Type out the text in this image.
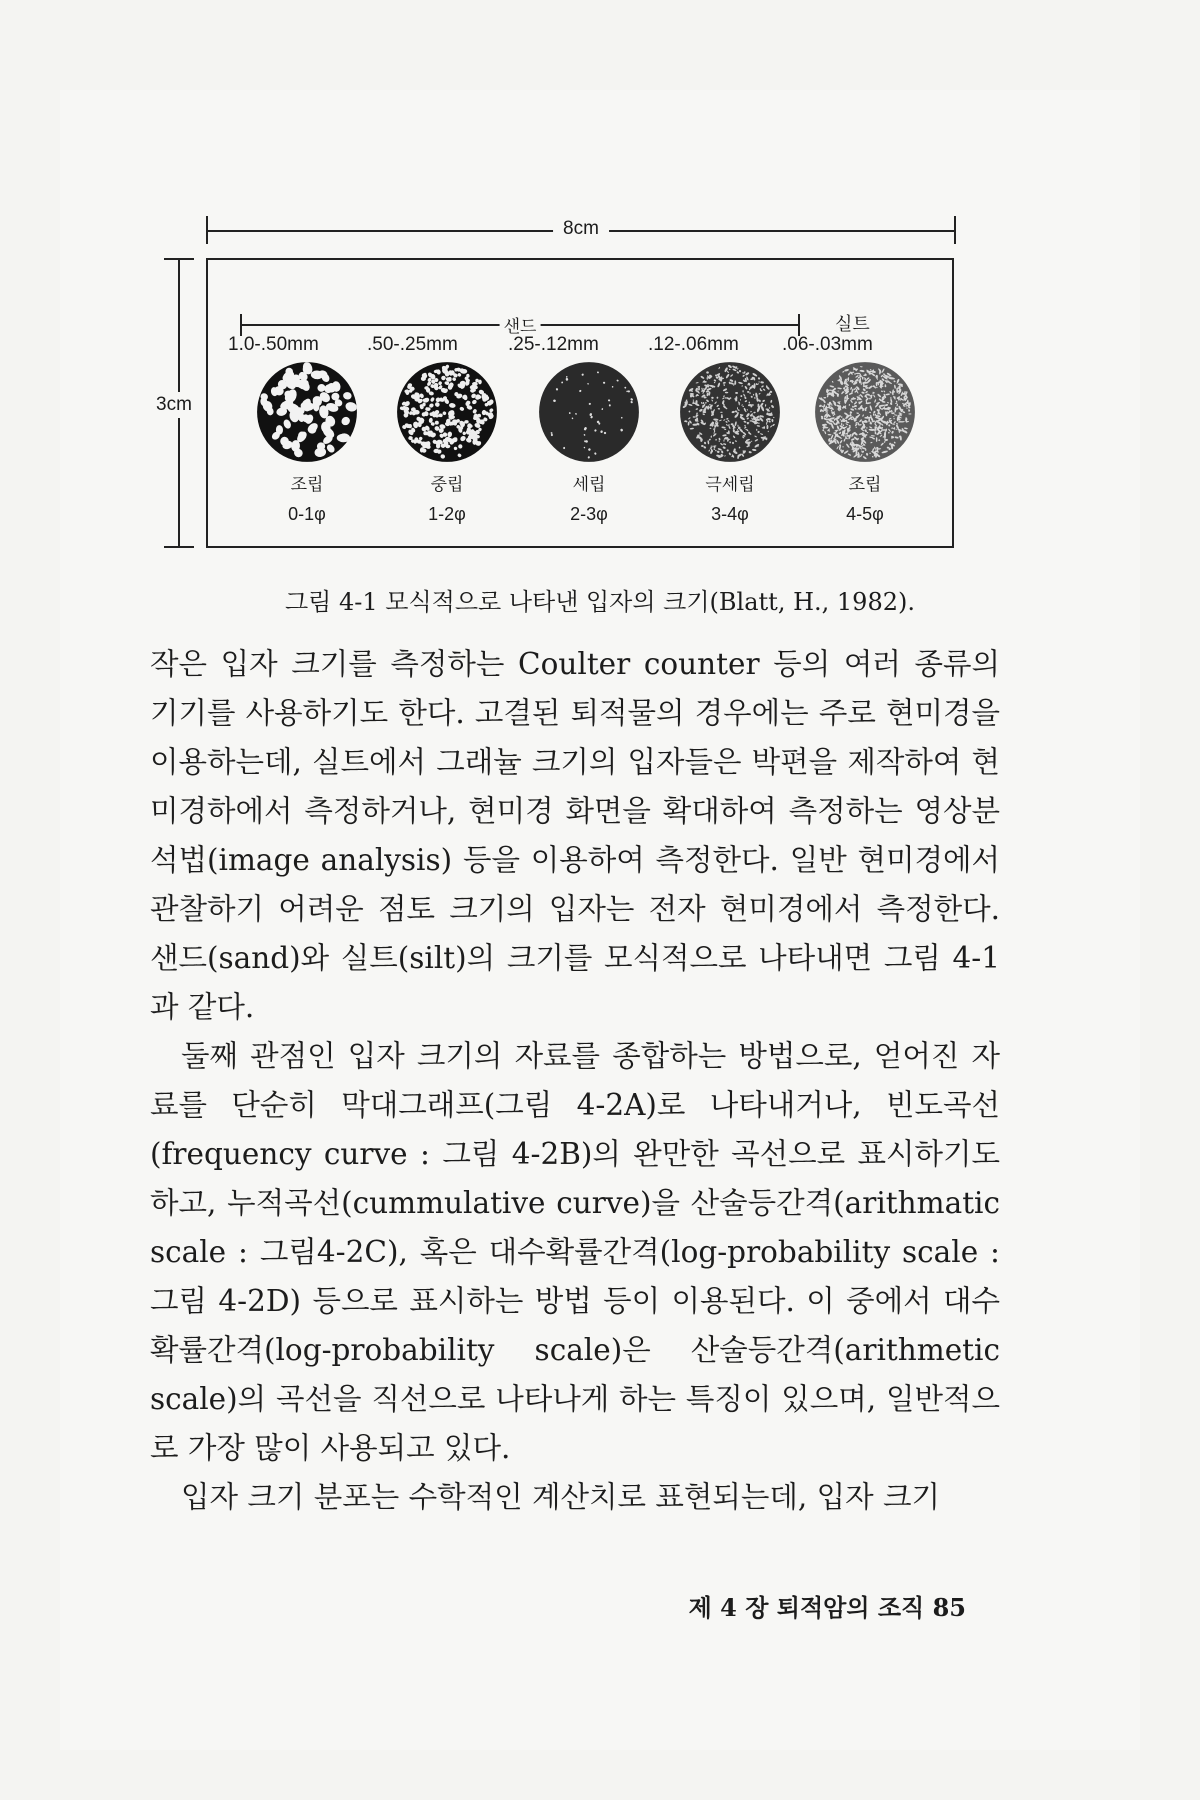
8cm
3cm
샌드	실트
1.0-.50mm	.50-.25mm	.25-.12mm	.12-.06mm .06-.03mm
조립	중립	세립	극세립	조립
0-1φ	1-2φ	2-3φ	3-4φ	4-5φ
그림 4-1 모식적으로 나타낸 입자의 크기(Blatt, H., 1982).

작은 입자 크기를 측정하는 Coulter counter 등의 여러 종류의 기기를 사용하기도 한다. 고결된 퇴적물의 경우에는 주로 현미경을 이용하는데, 실트에서 그래뉼 크기의 입자들은 박편을 제작하여 현미경하에서 측정하거나, 현미경 화면을 확대하여 측정하는 영상분석법(image analysis) 등을 이용하여 측정한다. 일반 현미경에서 관찰하기 어려운 점토 크기의 입자는 전자 현미경에서 측정한다. 샌드(sand)와 실트(silt)의 크기를 모식적으로 나타내면 그림 4-1과 같다.

둘째 관점인 입자 크기의 자료를 종합하는 방법으로, 얻어진 자료를 단순히 막대그래프(그림 4-2A)로 나타내거나, 빈도곡선(frequency curve : 그림 4-2B)의 완만한 곡선으로 표시하기도 하고, 누적곡선(cummulative curve)을 산술등간격(arithmatic scale : 그림4-2C), 혹은 대수확률간격(log-probability scale : 그림 4-2D) 등으로 표시하는 방법 등이 이용된다. 이 중에서 대수확률간격(log-probability scale)은 산술등간격(arithmetic scale)의 곡선을 직선으로 나타나게 하는 특징이 있으며, 일반적으로 가장 많이 사용되고 있다.

입자 크기 분포는 수학적인 계산치로 표현되는데, 입자 크기

제 4 장 퇴적암의 조직 85
